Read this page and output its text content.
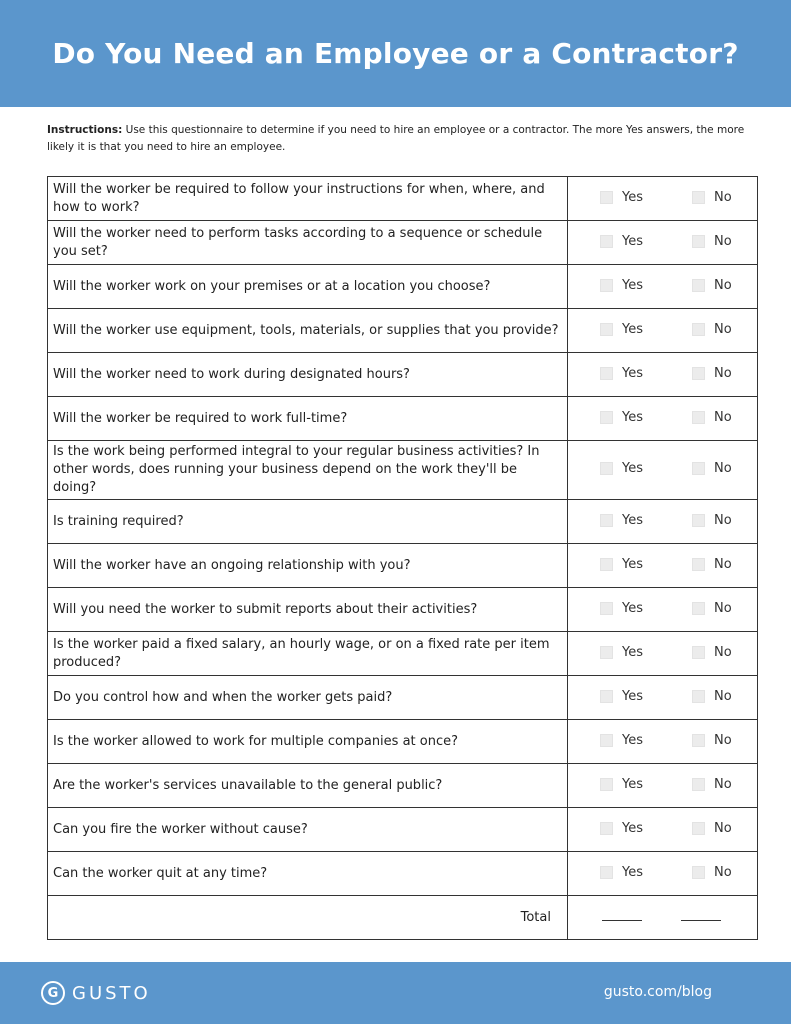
Do You Need an Employee or a Contractor?
Instructions: Use this questionnaire to determine if you need to hire an employee or a contractor. The more Yes answers, the more likely it is that you need to hire an employee.
Will the worker be required to follow your instructions for when, where, and how to work?	Yes No

Will the worker need to perform tasks according to a sequence or schedule you set?	Yes No

Will the worker work on your premises or at a location you choose?	Yes No

Will the worker use equipment, tools, materials, or supplies that you provide?	Yes No

Will the worker need to work during designated hours?	Yes No

Will the worker be required to work full-time?	Yes No

Is the work being performed integral to your regular business activities? In other words, does running your business depend on the work they'll be doing?	Yes No

Is training required?	Yes No

Will the worker have an ongoing relationship with you?	Yes No

Will you need the worker to submit reports about their activities?	Yes No

Is the worker paid a fixed salary, an hourly wage, or on a fixed rate per item produced?	Yes No

Do you control how and when the worker gets paid?	Yes No

Is the worker allowed to work for multiple companies at once?	Yes No

Are the worker's services unavailable to the general public?	Yes No

Can you fire the worker without cause?	Yes No

Can the worker quit at any time?	Yes No

Total	
G GUSTO	gusto.com/blog
